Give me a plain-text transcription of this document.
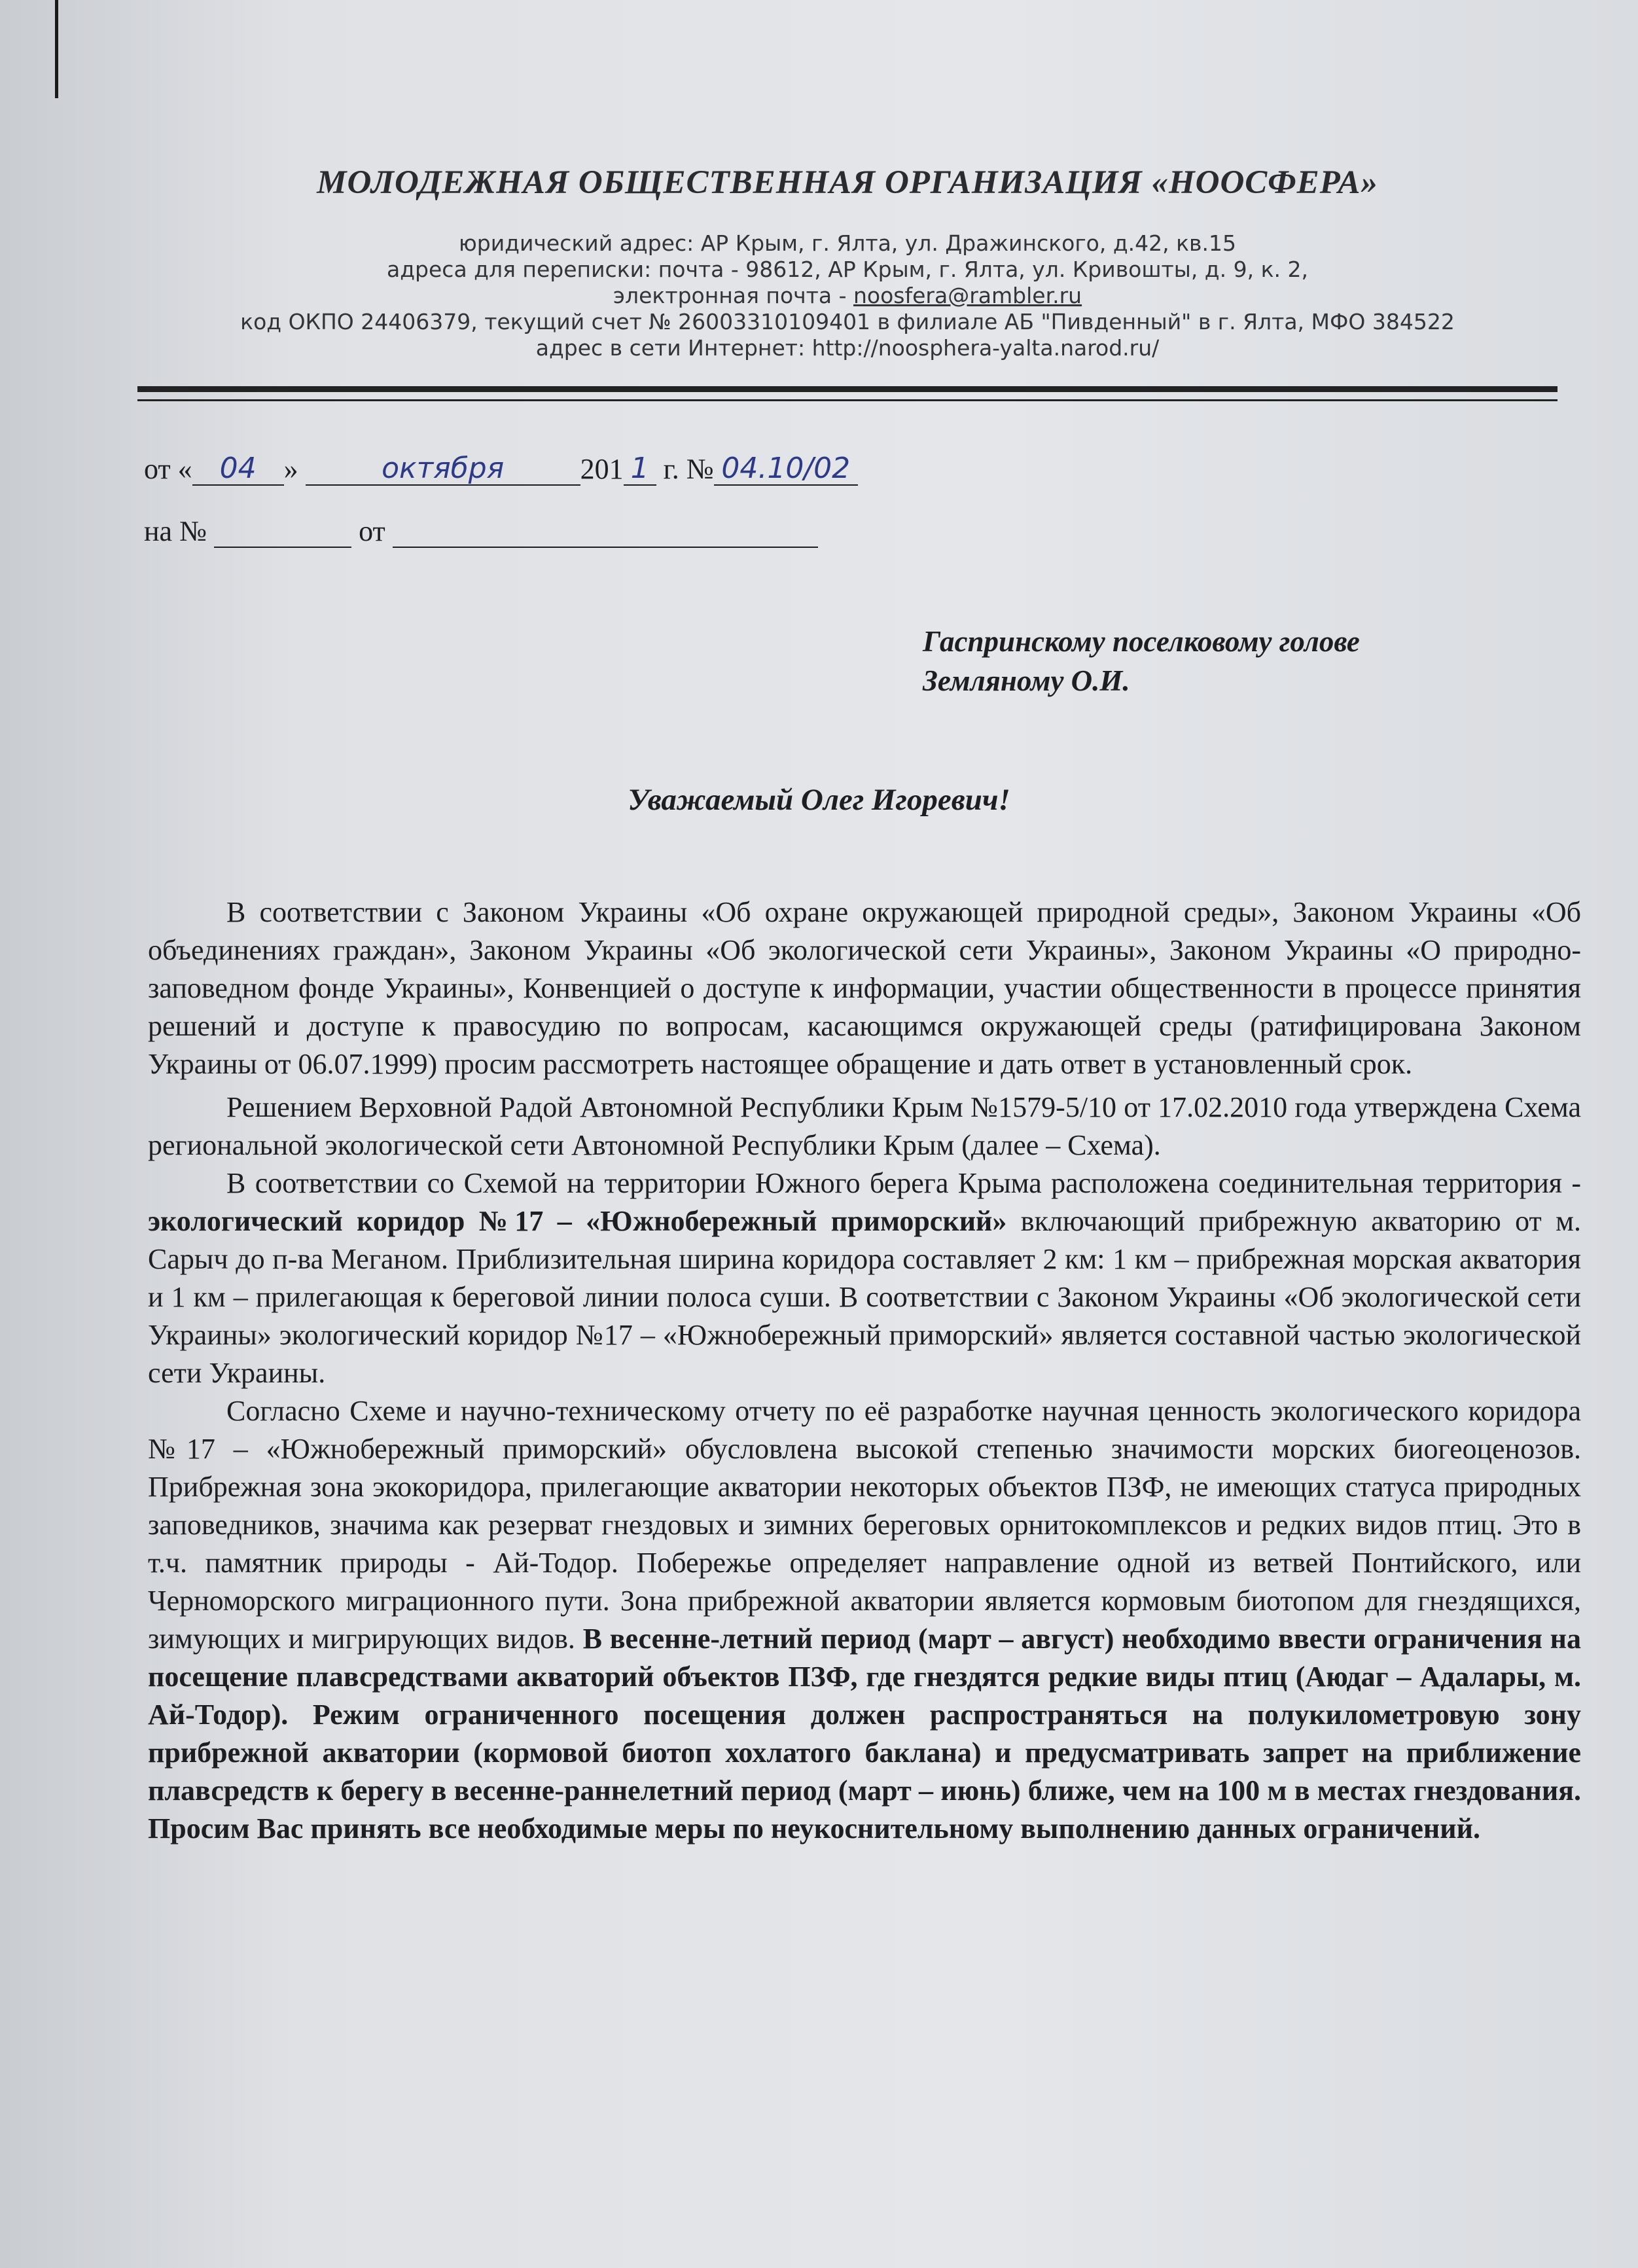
МОЛОДЕЖНАЯ ОБЩЕСТВЕННАЯ ОРГАНИЗАЦИЯ «НООСФЕРА»
юридический адрес: АР Крым, г. Ялта, ул. Дражинского, д.42, кв.15
адреса для переписки: почта - 98612, АР Крым, г. Ялта, ул. Кривошты, д. 9, к. 2,
электронная почта - noosfera@rambler.ru
код ОКПО 24406379, текущий счет № 26003310109401 в филиале АБ "Пивденный" в г. Ялта, МФО 384522
адрес в сети Интернет: http://noosphera-yalta.narod.ru/
от « 04 »	октября	201 1 г. № 04.10/02
на №	от
Гаспринскому поселковому голове
Земляному О.И.
Уважаемый Олег Игоревич!

В соответствии с Законом Украины «Об охране окружающей природной среды», Законом Украины «Об объединениях граждан», Законом Украины «Об экологической сети Украины», Законом Украины «О природно-заповедном фонде Украины», Конвенцией о доступе к информации, участии общественности в процессе принятия решений и доступе к правосудию по вопросам, касающимся окружающей среды (ратифицирована Законом Украины от 06.07.1999) просим рассмотреть настоящее обращение и дать ответ в установленный срок.

Решением Верховной Радой Автономной Республики Крым №1579-5/10 от 17.02.2010 года утверждена Схема региональной экологической сети Автономной Республики Крым (далее – Схема).

В соответствии со Схемой на территории Южного берега Крыма расположена соединительная территория - экологический коридор №17 – «Южнобережный приморский» включающий прибрежную акваторию от м. Сарыч до п-ва Меганом. Приблизительная ширина коридора составляет 2 км: 1 км – прибрежная морская акватория и 1 км – прилегающая к береговой линии полоса суши. В соответствии с Законом Украины «Об экологической сети Украины» экологический коридор №17 – «Южнобережный приморский» является составной частью экологической сети Украины.

Согласно Схеме и научно-техническому отчету по её разработке научная ценность экологического коридора №17 – «Южнобережный приморский» обусловлена высокой степенью значимости морских биогеоценозов. Прибрежная зона экокоридора, прилегающие акватории некоторых объектов ПЗФ, не имеющих статуса природных заповедников, значима как резерват гнездовых и зимних береговых орнитокомплексов и редких видов птиц. Это в т.ч. памятник природы - Ай-Тодор. Побережье определяет направление одной из ветвей Понтийского, или Черноморского миграционного пути. Зона прибрежной акватории является кормовым биотопом для гнездящихся, зимующих и мигрирующих видов. В весенне-летний период (март – август) необходимо ввести ограничения на посещение плавсредствами акваторий объектов ПЗФ, где гнездятся редкие виды птиц (Аюдаг – Адалары, м. Ай-Тодор). Режим ограниченного посещения должен распространяться на полукилометровую зону прибрежной акватории (кормовой биотоп хохлатого баклана) и предусматривать запрет на приближение плавсредств к берегу в весенне-раннелетний период (март – июнь) ближе, чем на 100 м в местах гнездования. Просим Вас принять все необходимые меры по неукоснительному выполнению данных ограничений.
